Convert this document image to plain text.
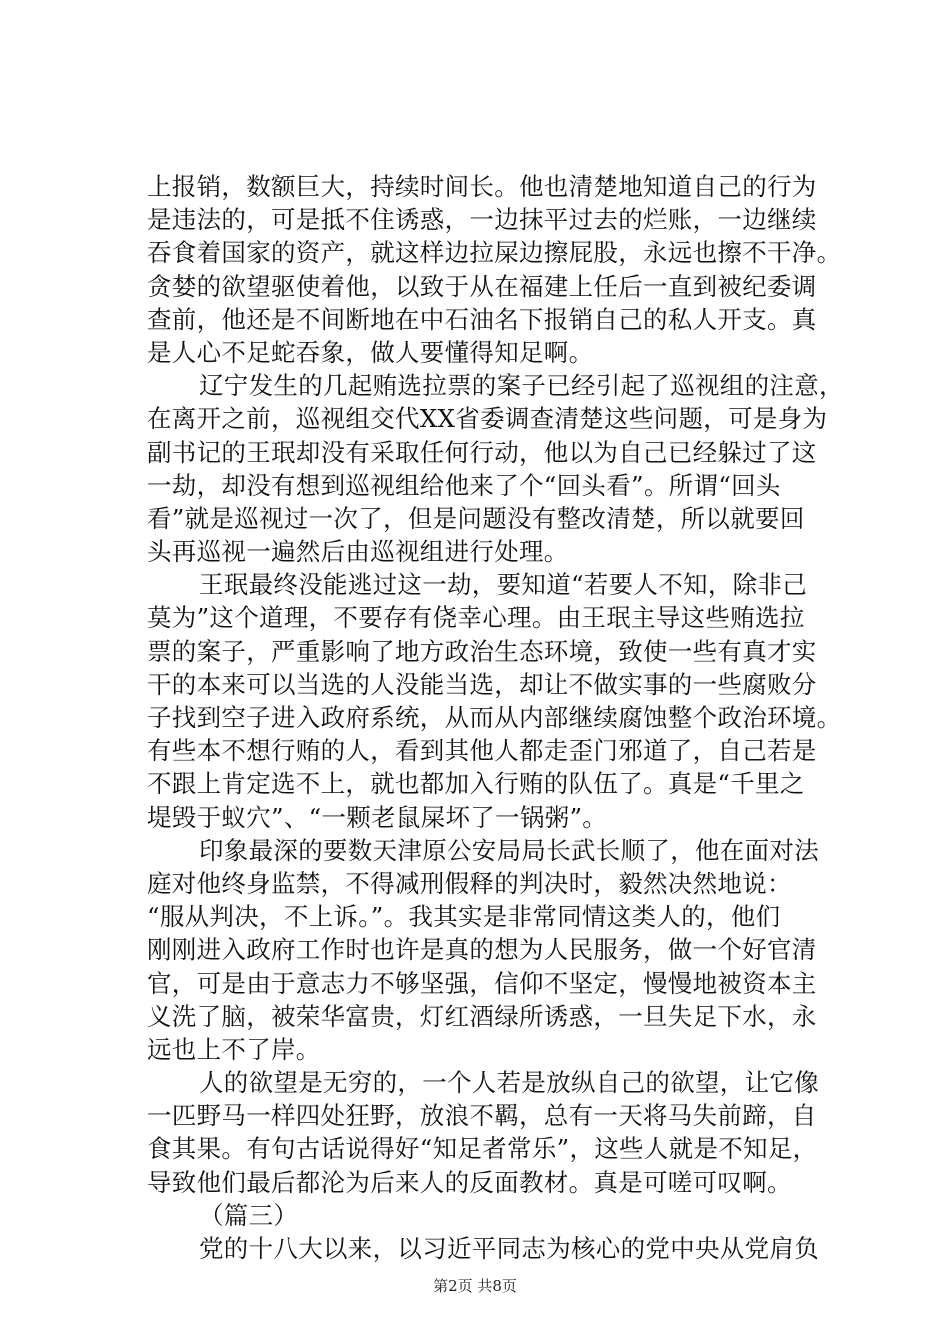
上报销，数额巨大，持续时间长。他也清楚地知道自己的行为
是违法的，可是抵不住诱惑，一边抹平过去的烂账，一边继续
吞食着国家的资产，就这样边拉屎边擦屁股，永远也擦不干净。
贪婪的欲望驱使着他，以致于从在福建上任后一直到被纪委调
查前，他还是不间断地在中石油名下报销自己的私人开支。真
是人心不足蛇吞象，做人要懂得知足啊。
辽宁发生的几起贿选拉票的案子已经引起了巡视组的注意，
在离开之前，巡视组交代XX省委调查清楚这些问题，可是身为
副书记的王珉却没有采取任何行动，他以为自己已经躲过了这
一劫，却没有想到巡视组给他来了个“回头看”。所谓“回头
看”就是巡视过一次了，但是问题没有整改清楚，所以就要回
头再巡视一遍然后由巡视组进行处理。
王珉最终没能逃过这一劫，要知道“若要人不知，除非己
莫为”这个道理，不要存有侥幸心理。由王珉主导这些贿选拉
票的案子，严重影响了地方政治生态环境，致使一些有真才实
干的本来可以当选的人没能当选，却让不做实事的一些腐败分
子找到空子进入政府系统，从而从内部继续腐蚀整个政治环境。
有些本不想行贿的人，看到其他人都走歪门邪道了，自己若是
不跟上肯定选不上，就也都加入行贿的队伍了。真是“千里之
堤毁于蚁穴”、“一颗老鼠屎坏了一锅粥”。
印象最深的要数天津原公安局局长武长顺了，他在面对法
庭对他终身监禁，不得减刑假释的判决时，毅然决然地说：
“服从判决，不上诉。”。我其实是非常同情这类人的，他们
刚刚进入政府工作时也许是真的想为人民服务，做一个好官清
官，可是由于意志力不够坚强，信仰不坚定，慢慢地被资本主
义洗了脑，被荣华富贵，灯红酒绿所诱惑，一旦失足下水，永
远也上不了岸。
人的欲望是无穷的，一个人若是放纵自己的欲望，让它像
一匹野马一样四处狂野，放浪不羁，总有一天将马失前蹄，自
食其果。有句古话说得好“知足者常乐”，这些人就是不知足，
导致他们最后都沦为后来人的反面教材。真是可嗟可叹啊。
（篇三）
党的十八大以来，以习近平同志为核心的党中央从党肩负
第2页 共8页
